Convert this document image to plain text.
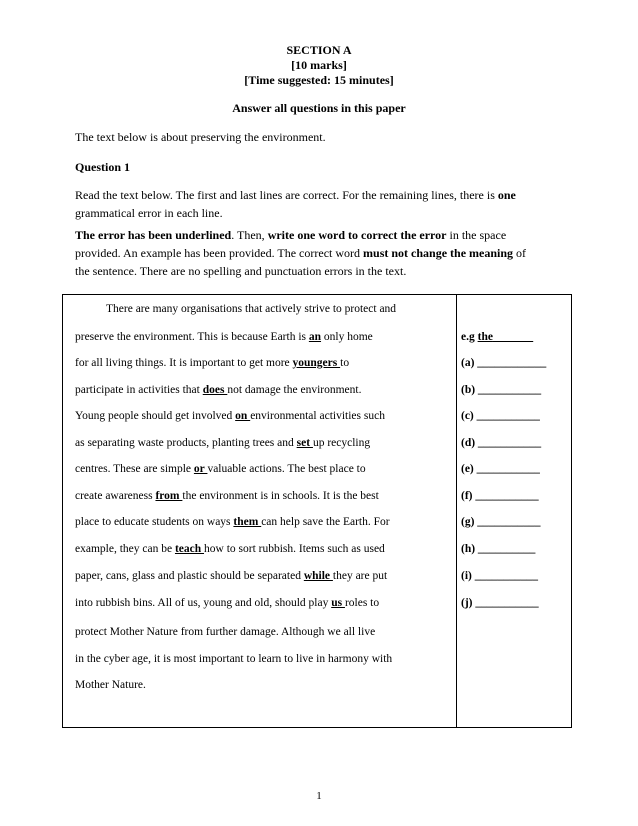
SECTION A
[10 marks]
[Time suggested: 15 minutes]
Answer all questions in this paper
The text below is about preserving the environment.
Question 1
Read the text below. The first and last lines are correct. For the remaining lines, there is one
grammatical error in each line.
The error has been underlined. Then, write one word to correct the error in the space
provided. An example has been provided. The correct word must not change the meaning of
the sentence. There are no spelling and punctuation errors in the text.

There are many organisations that actively strive to protect and
preserve the environment. This is because Earth is an only home
for all living things. It is important to get more youngers to
participate in activities that does not damage the environment.
Young people should get involved on environmental activities such
as separating waste products, planting trees and set up recycling
centres. These are simple or valuable actions. The best place to
create awareness from the environment is in schools. It is the best
place to educate students on ways them can help save the Earth. For
example, they can be teach how to sort rubbish. Items such as used
paper, cans, glass and plastic should be separated while they are put
into rubbish bins. All of us, young and old, should play us roles to
protect Mother Nature from further damage. Although we all live
in the cyber age, it is most important to learn to live in harmony with
Mother Nature.
e.g the
(a) ____________
(b) ___________
(c) ___________
(d) ___________
(e) ___________
(f) ___________
(g) ___________
(h) __________
(i) ___________
(j) ___________
1
